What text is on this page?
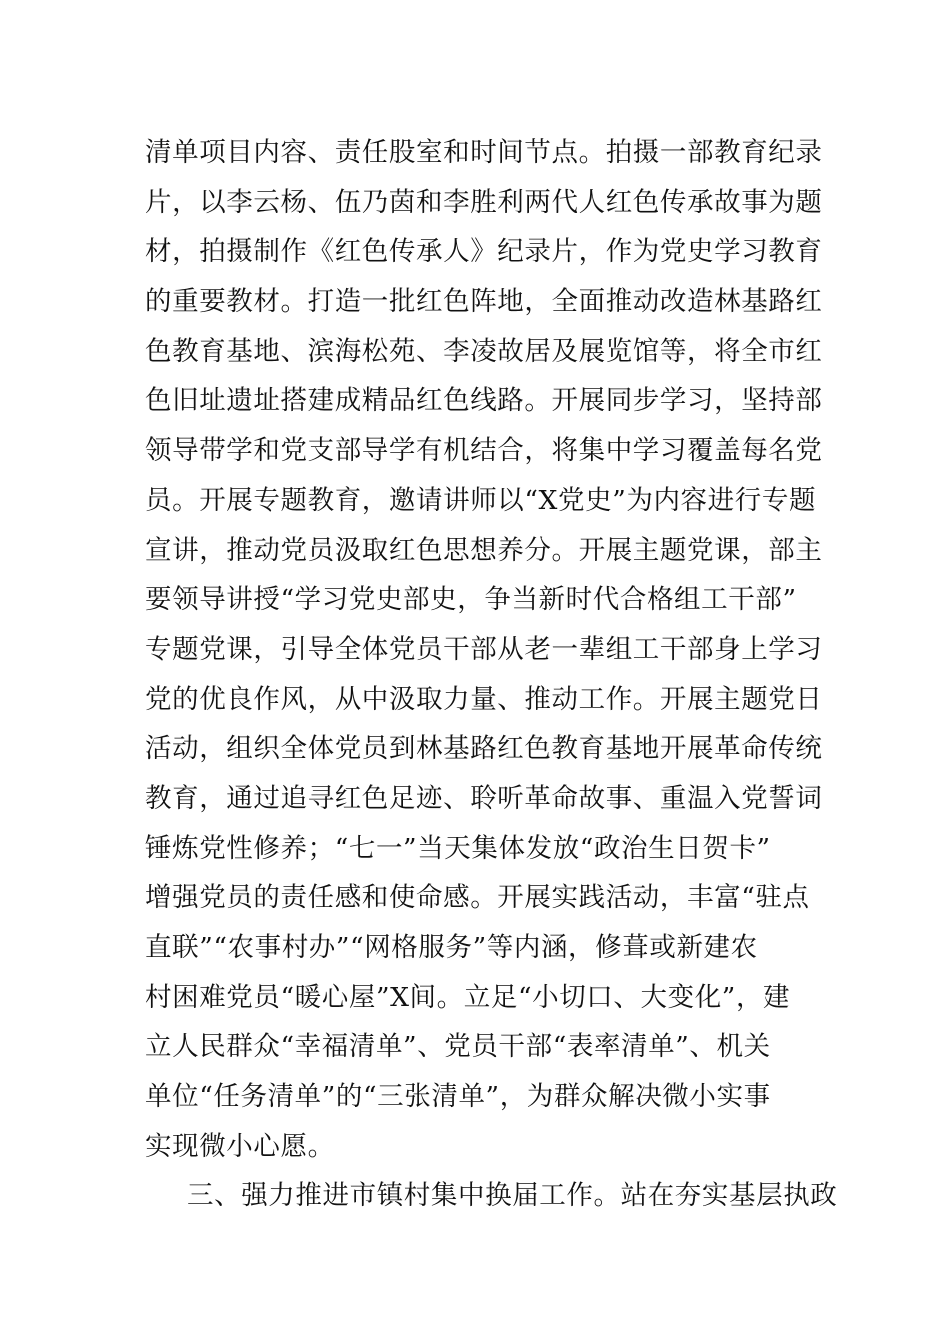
清单项目内容、责任股室和时间节点。拍摄一部教育纪录
片，以李云杨、伍乃茵和李胜利两代人红色传承故事为题
材，拍摄制作《红色传承人》纪录片，作为党史学习教育
的重要教材。打造一批红色阵地，全面推动改造林基路红
色教育基地、滨海松苑、李凌故居及展览馆等，将全市红
色旧址遗址搭建成精品红色线路。开展同步学习，坚持部
领导带学和党支部导学有机结合，将集中学习覆盖每名党
员。开展专题教育，邀请讲师以“X党史”为内容进行专题
宣讲，推动党员汲取红色思想养分。开展主题党课，部主
要领导讲授“学习党史部史，争当新时代合格组工干部”
专题党课，引导全体党员干部从老一辈组工干部身上学习
党的优良作风，从中汲取力量、推动工作。开展主题党日
活动，组织全体党员到林基路红色教育基地开展革命传统
教育，通过追寻红色足迹、聆听革命故事、重温入党誓词
锤炼党性修养；“七一”当天集体发放“政治生日贺卡”
增强党员的责任感和使命感。开展实践活动，丰富“驻点
直联”“农事村办”“网格服务”等内涵，修葺或新建农
村困难党员“暖心屋”X间。立足“小切口、大变化”，建
立人民群众“幸福清单”、党员干部“表率清单”、机关
单位“任务清单”的“三张清单”，为群众解决微小实事
实现微小心愿。
三、强力推进市镇村集中换届工作。站在夯实基层执政
